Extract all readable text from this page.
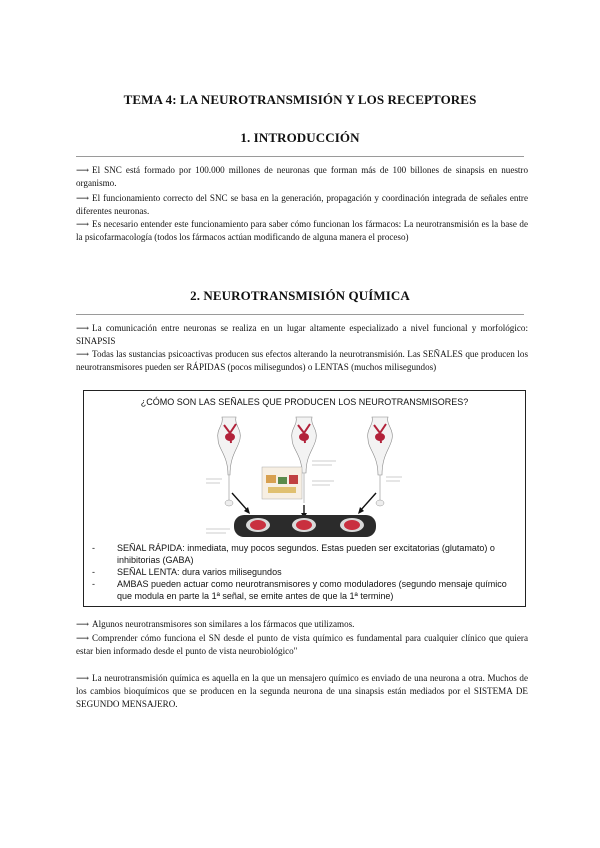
TEMA 4: LA NEUROTRANSMISIÓN Y LOS RECEPTORES
1. INTRODUCCIÓN
⟶ El SNC está formado por 100.000 millones de neuronas que forman más de 100 billones de sinapsis en nuestro organismo.
⟶ El funcionamiento correcto del SNC se basa en la generación, propagación y coordinación integrada de señales entre diferentes neuronas.
⟶ Es necesario entender este funcionamiento para saber cómo funcionan los fármacos: La neurotransmisión es la base de la psicofarmacología (todos los fármacos actúan modificando de alguna manera el proceso)
2. NEUROTRANSMISIÓN QUÍMICA
⟶ La comunicación entre neuronas se realiza en un lugar altamente especializado a nivel funcional y morfológico: SINAPSIS
⟶ Todas las sustancias psicoactivas producen sus efectos alterando la neurotransmisión. Las SEÑALES que producen los neurotransmisores pueden ser RÁPIDAS (pocos milisegundos) o LENTAS (muchos milisegundos)
¿CÓMO SON LAS SEÑALES QUE PRODUCEN LOS NEUROTRANSMISORES?
- SEÑAL RÁPIDA: inmediata, muy pocos segundos. Estas pueden ser excitatorias (glutamato) o inhibitorias (GABA)
- SEÑAL LENTA: dura varios milisegundos
- AMBAS pueden actuar como neurotransmisores y como moduladores (segundo mensaje químico que modula en parte la 1ª señal, se emite antes de que la 1ª termine)
⟶ Algunos neurotransmisores son similares a los fármacos que utilizamos.
⟶ Comprender cómo funciona el SN desde el punto de vista químico es fundamental para cualquier clínico que quiera estar bien informado desde el punto de vista neurobiológico"
⟶ La neurotransmisión química es aquella en la que un mensajero químico es enviado de una neurona a otra. Muchos de los cambios bioquímicos que se producen en la segunda neurona de una sinapsis están mediados por el SISTEMA DE SEGUNDO MENSAJERO.
